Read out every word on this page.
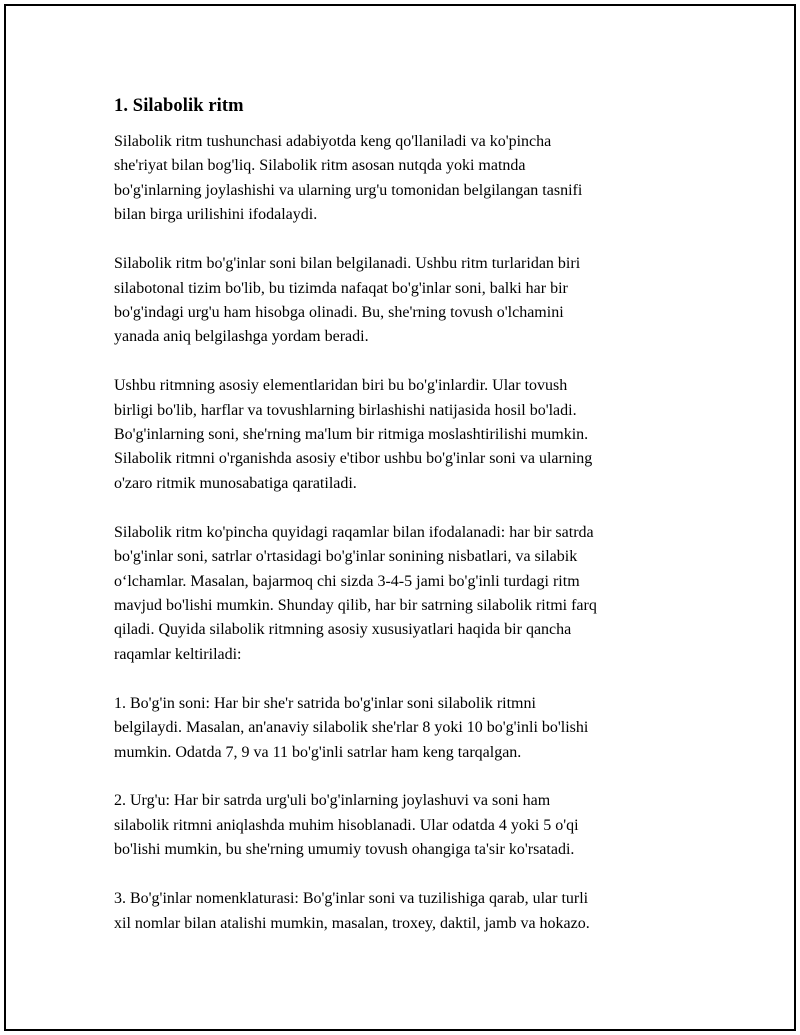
1. Silabolik ritm

Silabolik ritm tushunchasi adabiyotda keng qo'llaniladi va ko'pincha
she'riyat bilan bog'liq. Silabolik ritm asosan nutqda yoki matnda
bo'g'inlarning joylashishi va ularning urg'u tomonidan belgilangan tasnifi
bilan birga urilishini ifodalaydi.

Silabolik ritm bo'g'inlar soni bilan belgilanadi. Ushbu ritm turlaridan biri
silabotonal tizim bo'lib, bu tizimda nafaqat bo'g'inlar soni, balki har bir
bo'g'indagi urg'u ham hisobga olinadi. Bu, she'rning tovush o'lchamini
yanada aniq belgilashga yordam beradi.

Ushbu ritmning asosiy elementlaridan biri bu bo'g'inlardir. Ular tovush
birligi bo'lib, harflar va tovushlarning birlashishi natijasida hosil bo'ladi.
Bo'g'inlarning soni, she'rning ma'lum bir ritmiga moslashtirilishi mumkin.
Silabolik ritmni o'rganishda asosiy e'tibor ushbu bo'g'inlar soni va ularning
o'zaro ritmik munosabatiga qaratiladi.

Silabolik ritm ko'pincha quyidagi raqamlar bilan ifodalanadi: har bir satrda
bo'g'inlar soni, satrlar o'rtasidagi bo'g'inlar sonining nisbatlari, va silabik
o‘lchamlar. Masalan, bajarmoq chi sizda 3-4-5 jami bo'g'inli turdagi ritm
mavjud bo'lishi mumkin. Shunday qilib, har bir satrning silabolik ritmi farq
qiladi. Quyida silabolik ritmning asosiy xususiyatlari haqida bir qancha
raqamlar keltiriladi:

1. Bo'g'in soni: Har bir she'r satrida bo'g'inlar soni silabolik ritmni
belgilaydi. Masalan, an'anaviy silabolik she'rlar 8 yoki 10 bo'g'inli bo'lishi
mumkin. Odatda 7, 9 va 11 bo'g'inli satrlar ham keng tarqalgan.

2. Urg'u: Har bir satrda urg'uli bo'g'inlarning joylashuvi va soni ham
silabolik ritmni aniqlashda muhim hisoblanadi. Ular odatda 4 yoki 5 o'qi
bo'lishi mumkin, bu she'rning umumiy tovush ohangiga ta'sir ko'rsatadi.

3. Bo'g'inlar nomenklaturasi: Bo'g'inlar soni va tuzilishiga qarab, ular turli
xil nomlar bilan atalishi mumkin, masalan, troxey, daktil, jamb va hokazo.
